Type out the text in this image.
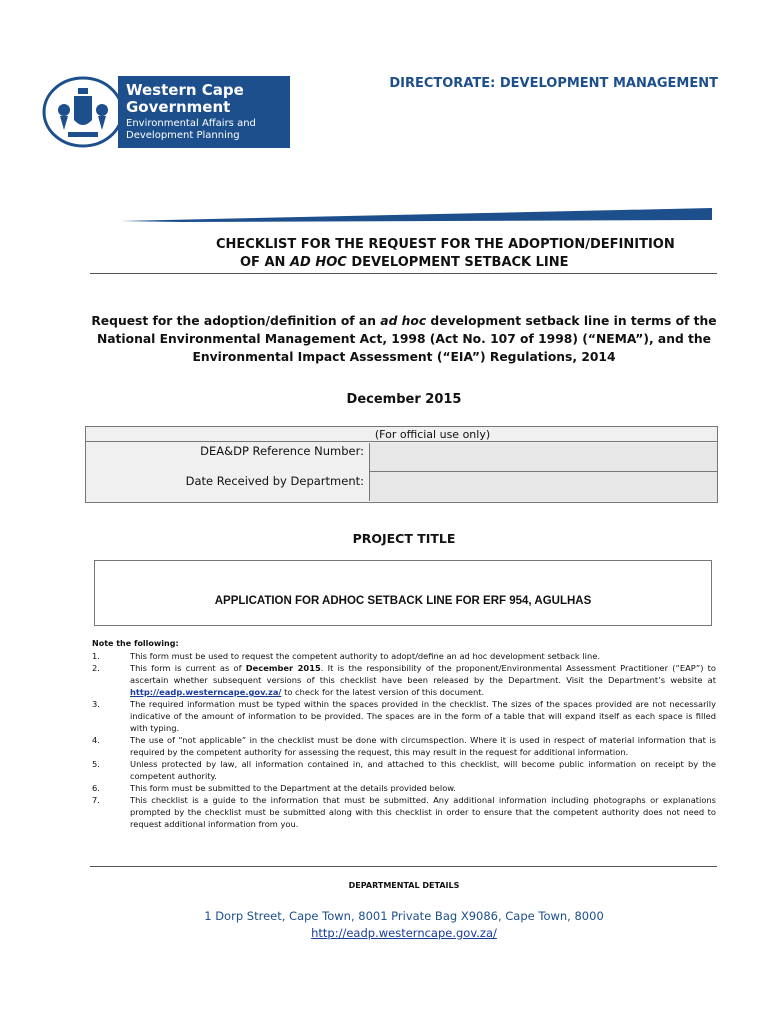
Western Cape
Government
Environmental Affairs and
Development Planning
DIRECTORATE: DEVELOPMENT MANAGEMENT
CHECKLIST FOR THE REQUEST FOR THE ADOPTION/DEFINITION
OF AN AD HOC DEVELOPMENT SETBACK LINE
Request for the adoption/definition of an ad hoc development setback line in terms of the National Environmental Management Act, 1998 (Act No. 107 of 1998) (“NEMA”), and the Environmental Impact Assessment (“EIA”) Regulations, 2014
December 2015
(For official use only)
DEA&DP Reference Number:
Date Received by Department:
PROJECT TITLE
APPLICATION FOR ADHOC SETBACK LINE FOR ERF 954, AGULHAS
Note the following:
1.	This form must be used to request the competent authority to adopt/define an ad hoc development setback line.
2.	This form is current as of December 2015. It is the responsibility of the proponent/Environmental Assessment Practitioner (“EAP”) to ascertain whether subsequent versions of this checklist have been released by the Department. Visit the Department’s website at http://eadp.westerncape.gov.za/ to check for the latest version of this document.
3.	The required information must be typed within the spaces provided in the checklist. The sizes of the spaces provided are not necessarily indicative of the amount of information to be provided. The spaces are in the form of a table that will expand itself as each space is filled with typing.
4.	The use of “not applicable” in the checklist must be done with circumspection. Where it is used in respect of material information that is required by the competent authority for assessing the request, this may result in the request for additional information.
5.	Unless protected by law, all information contained in, and attached to this checklist, will become public information on receipt by the competent authority.
6.	This form must be submitted to the Department at the details provided below.
7.	This checklist is a guide to the information that must be submitted. Any additional information including photographs or explanations prompted by the checklist must be submitted along with this checklist in order to ensure that the competent authority does not need to request additional information from you.
DEPARTMENTAL DETAILS
1 Dorp Street, Cape Town, 8001 Private Bag X9086, Cape Town, 8000
http://eadp.westerncape.gov.za/
